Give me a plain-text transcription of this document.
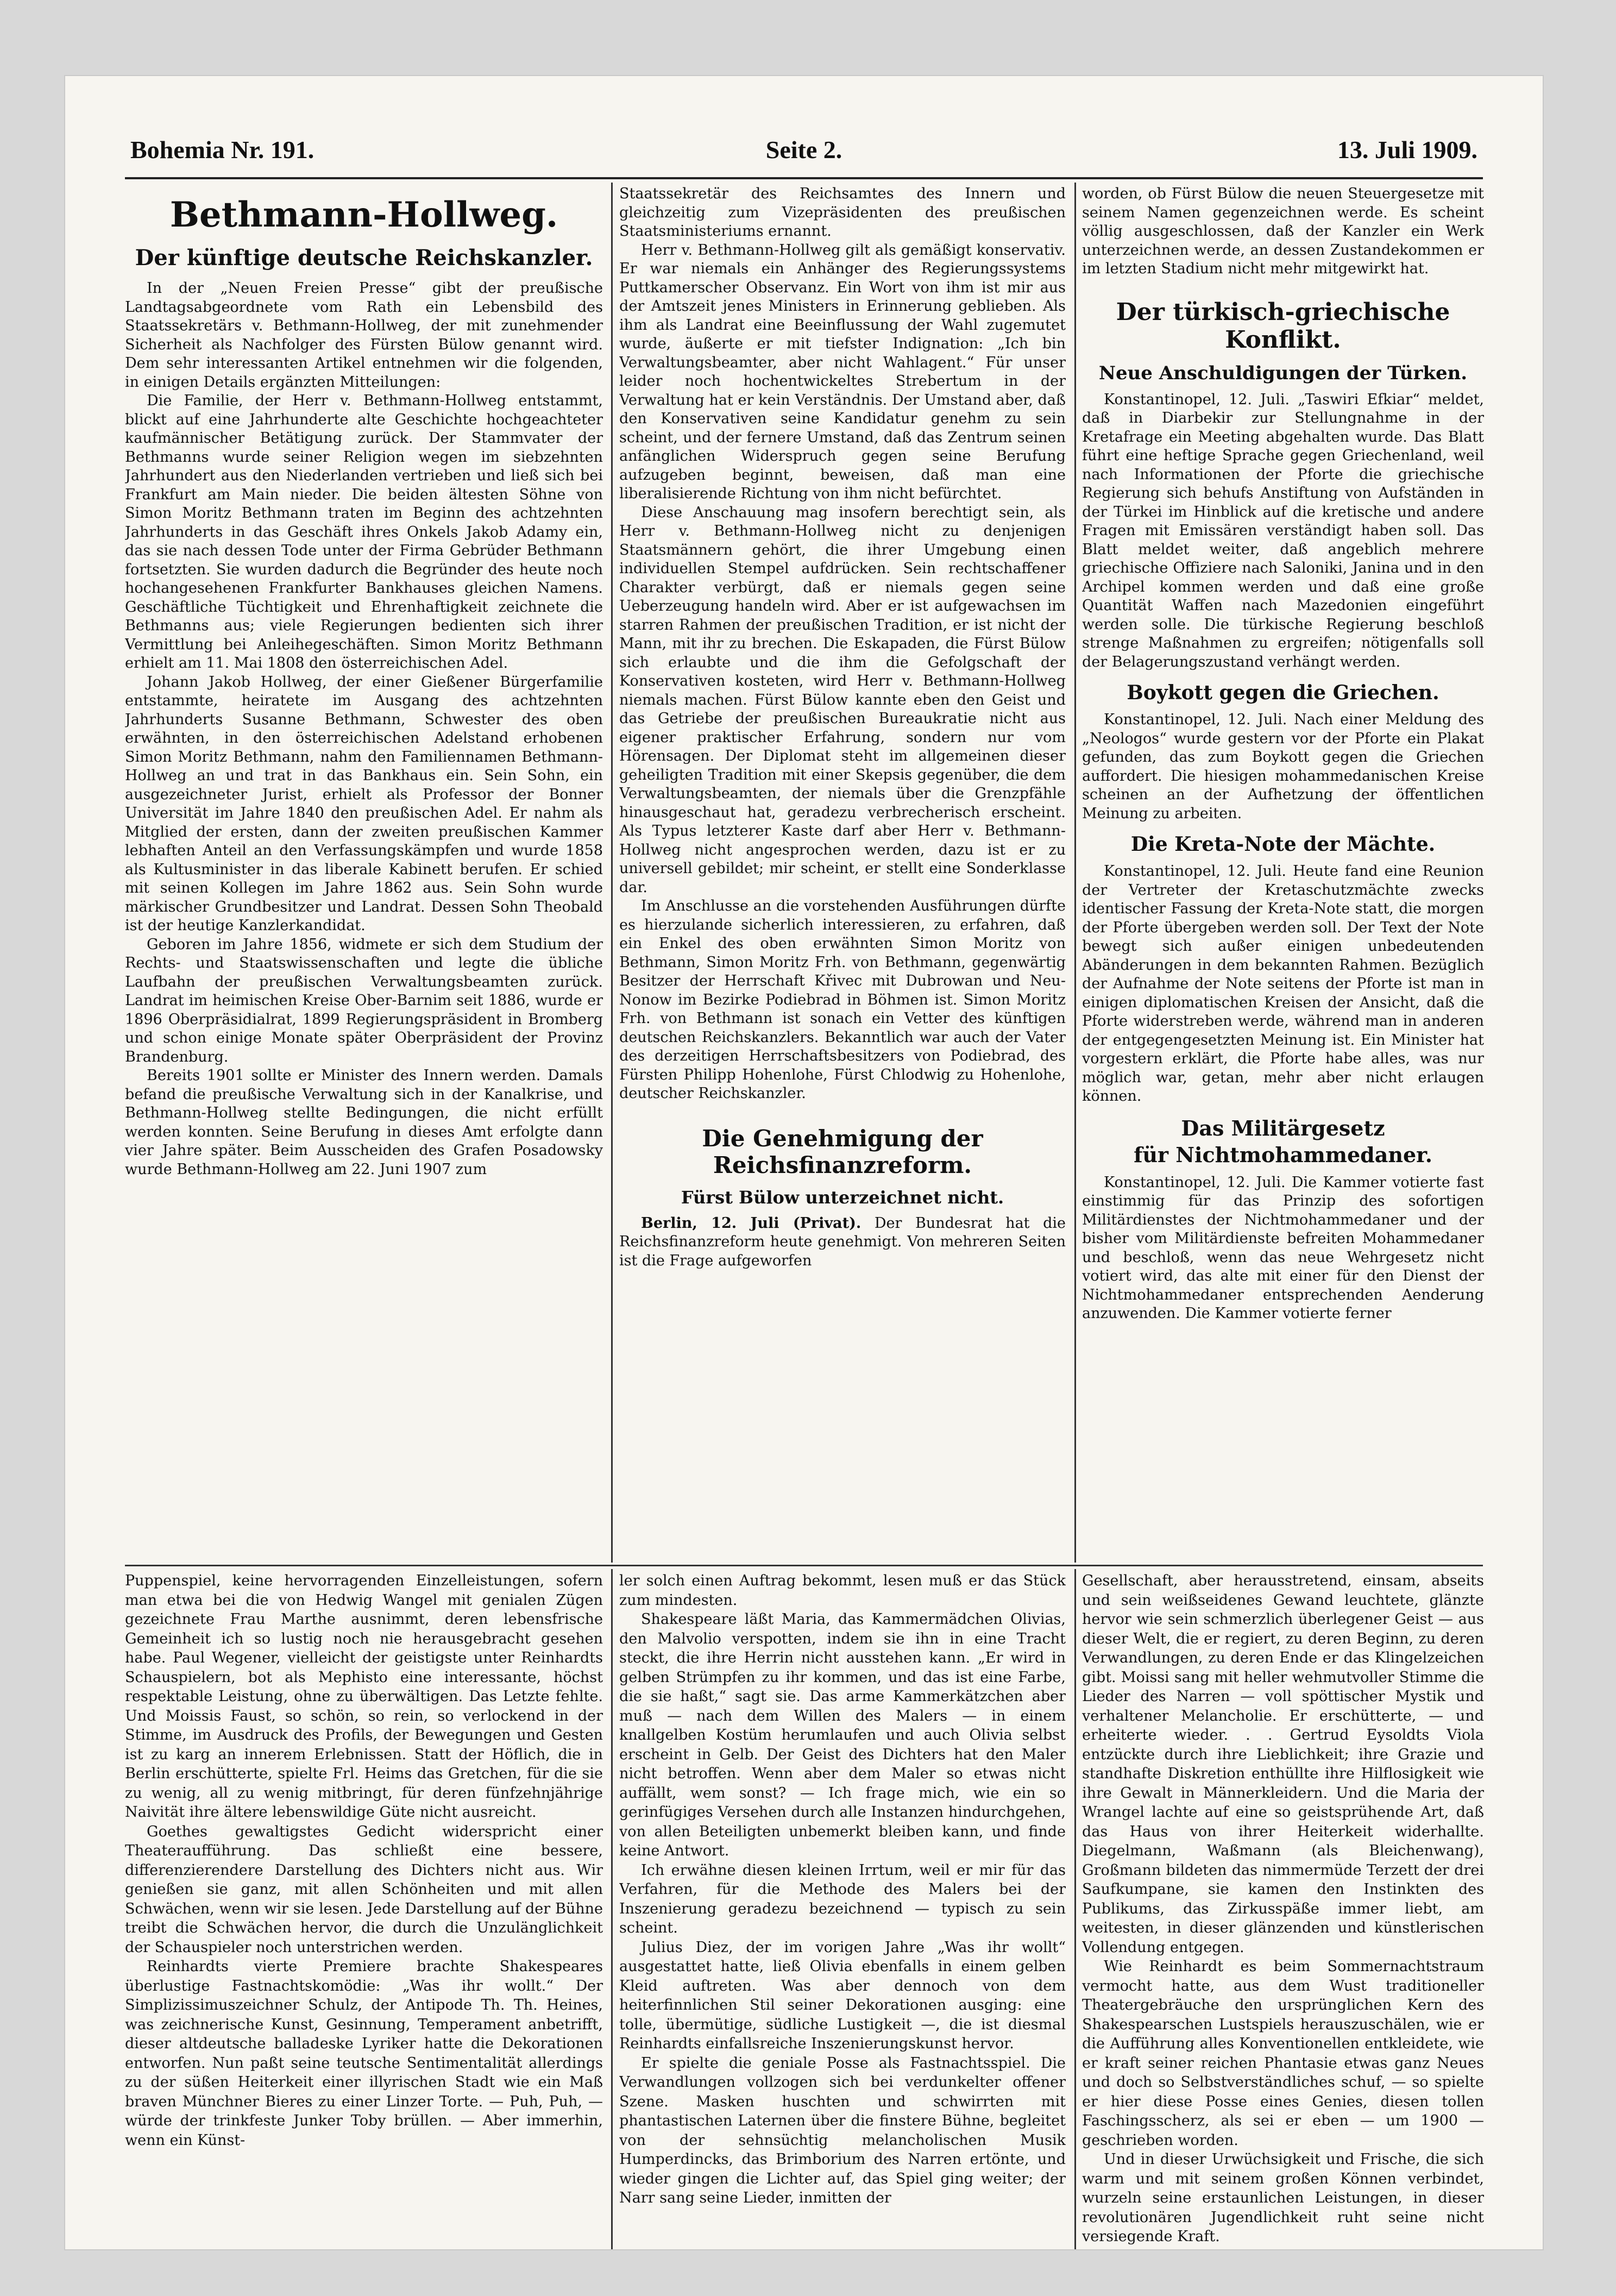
Bohemia Nr. 191.	Seite 2.	13. Juli 1909.
Bethmann-Hollweg.
Der künftige deutsche Reichskanzler.

In der „Neuen Freien Presse“ gibt der preußische Landtagsabgeordnete vom Rath ein Lebensbild des Staatssekretärs v. Bethmann-Hollweg, der mit zunehmender Sicherheit als Nachfolger des Fürsten Bülow genannt wird. Dem sehr interessanten Artikel entnehmen wir die folgenden, in einigen Details ergänzten Mitteilungen:

Die Familie, der Herr v. Bethmann-Hollweg entstammt, blickt auf eine Jahrhunderte alte Geschichte hochgeachteter kaufmännischer Betätigung zurück. Der Stammvater der Bethmanns wurde seiner Religion wegen im siebzehnten Jahrhundert aus den Niederlanden vertrieben und ließ sich bei Frankfurt am Main nieder. Die beiden ältesten Söhne von Simon Moritz Bethmann traten im Beginn des achtzehnten Jahrhunderts in das Geschäft ihres Onkels Jakob Adamy ein, das sie nach dessen Tode unter der Firma Gebrüder Bethmann fortsetzten. Sie wurden dadurch die Begründer des heute noch hochangesehenen Frankfurter Bankhauses gleichen Namens. Geschäftliche Tüchtigkeit und Ehrenhaftigkeit zeichnete die Bethmanns aus; viele Regierungen bedienten sich ihrer Vermittlung bei Anleihegeschäften. Simon Moritz Bethmann erhielt am 11. Mai 1808 den österreichischen Adel.

Johann Jakob Hollweg, der einer Gießener Bürgerfamilie entstammte, heiratete im Ausgang des achtzehnten Jahrhunderts Susanne Bethmann, Schwester des oben erwähnten, in den österreichischen Adelstand erhobenen Simon Moritz Bethmann, nahm den Familiennamen Bethmann-Hollweg an und trat in das Bankhaus ein. Sein Sohn, ein ausgezeichneter Jurist, erhielt als Professor der Bonner Universität im Jahre 1840 den preußischen Adel. Er nahm als Mitglied der ersten, dann der zweiten preußischen Kammer lebhaften Anteil an den Verfassungskämpfen und wurde 1858 als Kultusminister in das liberale Kabinett berufen. Er schied mit seinen Kollegen im Jahre 1862 aus. Sein Sohn wurde märkischer Grundbesitzer und Landrat. Dessen Sohn Theobald ist der heutige Kanzlerkandidat.

Geboren im Jahre 1856, widmete er sich dem Studium der Rechts- und Staatswissenschaften und legte die übliche Laufbahn der preußischen Verwaltungsbeamten zurück. Landrat im heimischen Kreise Ober-Barnim seit 1886, wurde er 1896 Oberpräsidialrat, 1899 Regierungspräsident in Bromberg und schon einige Monate später Oberpräsident der Provinz Brandenburg.

Bereits 1901 sollte er Minister des Innern werden. Damals befand die preußische Verwaltung sich in der Kanalkrise, und Bethmann-Hollweg stellte Bedingungen, die nicht erfüllt werden konnten. Seine Berufung in dieses Amt erfolgte dann vier Jahre später. Beim Ausscheiden des Grafen Posadowsky wurde Bethmann-Hollweg am 22. Juni 1907 zum

Staatssekretär des Reichsamtes des Innern und gleichzeitig zum Vizepräsidenten des preußischen Staatsministeriums ernannt.

Herr v. Bethmann-Hollweg gilt als gemäßigt konservativ. Er war niemals ein Anhänger des Regierungssystems Puttkamerscher Observanz. Ein Wort von ihm ist mir aus der Amtszeit jenes Ministers in Erinnerung geblieben. Als ihm als Landrat eine Beeinflussung der Wahl zugemutet wurde, äußerte er mit tiefster Indignation: „Ich bin Verwaltungsbeamter, aber nicht Wahlagent.“ Für unser leider noch hochentwickeltes Strebertum in der Verwaltung hat er kein Verständnis. Der Umstand aber, daß den Konservativen seine Kandidatur genehm zu sein scheint, und der fernere Umstand, daß das Zentrum seinen anfänglichen Widerspruch gegen seine Berufung aufzugeben beginnt, beweisen, daß man eine liberalisierende Richtung von ihm nicht befürchtet.

Diese Anschauung mag insofern berechtigt sein, als Herr v. Bethmann-Hollweg nicht zu denjenigen Staatsmännern gehört, die ihrer Umgebung einen individuellen Stempel aufdrücken. Sein rechtschaffener Charakter verbürgt, daß er niemals gegen seine Ueberzeugung handeln wird. Aber er ist aufgewachsen im starren Rahmen der preußischen Tradition, er ist nicht der Mann, mit ihr zu brechen. Die Eskapaden, die Fürst Bülow sich erlaubte und die ihm die Gefolgschaft der Konservativen kosteten, wird Herr v. Bethmann-Hollweg niemals machen. Fürst Bülow kannte eben den Geist und das Getriebe der preußischen Bureaukratie nicht aus eigener praktischer Erfahrung, sondern nur vom Hörensagen. Der Diplomat steht im allgemeinen dieser geheiligten Tradition mit einer Skepsis gegenüber, die dem Verwaltungsbeamten, der niemals über die Grenzpfähle hinausgeschaut hat, geradezu verbrecherisch erscheint. Als Typus letzterer Kaste darf aber Herr v. Bethmann-Hollweg nicht angesprochen werden, dazu ist er zu universell gebildet; mir scheint, er stellt eine Sonderklasse dar.

Im Anschlusse an die vorstehenden Ausführungen dürfte es hierzulande sicherlich interessieren, zu erfahren, daß ein Enkel des oben erwähnten Simon Moritz von Bethmann, Simon Moritz Frh. von Bethmann, gegenwärtig Besitzer der Herrschaft Křivec mit Dubrowan und Neu-Nonow im Bezirke Podiebrad in Böhmen ist. Simon Moritz Frh. von Bethmann ist sonach ein Vetter des künftigen deutschen Reichskanzlers. Bekanntlich war auch der Vater des derzeitigen Herrschaftsbesitzers von Podiebrad, des Fürsten Philipp Hohenlohe, Fürst Chlodwig zu Hohenlohe, deutscher Reichskanzler.

Die Genehmigung der Reichsfinanzreform.
Fürst Bülow unterzeichnet nicht.

Berlin, 12. Juli (Privat). Der Bundesrat hat die Reichsfinanzreform heute genehmigt. Von mehreren Seiten ist die Frage aufgeworfen

worden, ob Fürst Bülow die neuen Steuergesetze mit seinem Namen gegenzeichnen werde. Es scheint völlig ausgeschlossen, daß der Kanzler ein Werk unterzeichnen werde, an dessen Zustandekommen er im letzten Stadium nicht mehr mitgewirkt hat.

Der türkisch-griechische Konflikt.
Neue Anschuldigungen der Türken.

Konstantinopel, 12. Juli. „Taswiri Efkiar“ meldet, daß in Diarbekir zur Stellungnahme in der Kretafrage ein Meeting abgehalten wurde. Das Blatt führt eine heftige Sprache gegen Griechenland, weil nach Informationen der Pforte die griechische Regierung sich behufs Anstiftung von Aufständen in der Türkei im Hinblick auf die kretische und andere Fragen mit Emissären verständigt haben soll. Das Blatt meldet weiter, daß angeblich mehrere griechische Offiziere nach Saloniki, Janina und in den Archipel kommen werden und daß eine große Quantität Waffen nach Mazedonien eingeführt werden solle. Die türkische Regierung beschloß strenge Maßnahmen zu ergreifen; nötigenfalls soll der Belagerungszustand verhängt werden.

Boykott gegen die Griechen.

Konstantinopel, 12. Juli. Nach einer Meldung des „Neologos“ wurde gestern vor der Pforte ein Plakat gefunden, das zum Boykott gegen die Griechen auffordert. Die hiesigen mohammedanischen Kreise scheinen an der Aufhetzung der öffentlichen Meinung zu arbeiten.

Die Kreta-Note der Mächte.

Konstantinopel, 12. Juli. Heute fand eine Reunion der Vertreter der Kretaschutzmächte zwecks identischer Fassung der Kreta-Note statt, die morgen der Pforte übergeben werden soll. Der Text der Note bewegt sich außer einigen unbedeutenden Abänderungen in dem bekannten Rahmen. Bezüglich der Aufnahme der Note seitens der Pforte ist man in einigen diplomatischen Kreisen der Ansicht, daß die Pforte widerstreben werde, während man in anderen der entgegengesetzten Meinung ist. Ein Minister hat vorgestern erklärt, die Pforte habe alles, was nur möglich war, getan, mehr aber nicht erlaugen können.

Das Militärgesetz
für Nichtmohammedaner.

Konstantinopel, 12. Juli. Die Kammer votierte fast einstimmig für das Prinzip des sofortigen Militärdienstes der Nichtmohammedaner und der bisher vom Militärdienste befreiten Mohammedaner und beschloß, wenn das neue Wehrgesetz nicht votiert wird, das alte mit einer für den Dienst der Nichtmohammedaner entsprechenden Aenderung anzuwenden. Die Kammer votierte ferner

Puppenspiel, keine hervorragenden Einzelleistungen, sofern man etwa bei die von Hedwig Wangel mit genialen Zügen gezeichnete Frau Marthe ausnimmt, deren lebensfrische Gemeinheit ich so lustig noch nie herausgebracht gesehen habe. Paul Wegener, vielleicht der geistigste unter Reinhardts Schauspielern, bot als Mephisto eine interessante, höchst respektable Leistung, ohne zu überwältigen. Das Letzte fehlte. Und Moissis Faust, so schön, so rein, so verlockend in der Stimme, im Ausdruck des Profils, der Bewegungen und Gesten ist zu karg an innerem Erlebnissen. Statt der Höflich, die in Berlin erschütterte, spielte Frl. Heims das Gretchen, für die sie zu wenig, all zu wenig mitbringt, für deren fünfzehnjährige Naivität ihre ältere lebenswildige Güte nicht ausreicht.

Goethes gewaltigstes Gedicht widerspricht einer Theateraufführung. Das schließt eine bessere, differenzierendere Darstellung des Dichters nicht aus. Wir genießen sie ganz, mit allen Schönheiten und mit allen Schwächen, wenn wir sie lesen. Jede Darstellung auf der Bühne treibt die Schwächen hervor, die durch die Unzulänglichkeit der Schauspieler noch unterstrichen werden.

Reinhardts vierte Premiere brachte Shakespeares überlustige Fastnachtskomödie: „Was ihr wollt.“ Der Simplizissimuszeichner Schulz, der Antipode Th. Th. Heines, was zeichnerische Kunst, Gesinnung, Temperament anbetrifft, dieser altdeutsche balladeske Lyriker hatte die Dekorationen entworfen. Nun paßt seine teutsche Sentimentalität allerdings zu der süßen Heiterkeit einer illyrischen Stadt wie ein Maß braven Münchner Bieres zu einer Linzer Torte. — Puh, Puh, — würde der trinkfeste Junker Toby brüllen. — Aber immerhin, wenn ein Künst-

ler solch einen Auftrag bekommt, lesen muß er das Stück zum mindesten.

Shakespeare läßt Maria, das Kammermädchen Olivias, den Malvolio verspotten, indem sie ihn in eine Tracht steckt, die ihre Herrin nicht ausstehen kann. „Er wird in gelben Strümpfen zu ihr kommen, und das ist eine Farbe, die sie haßt,“ sagt sie. Das arme Kammerkätzchen aber muß — nach dem Willen des Malers — in einem knallgelben Kostüm herumlaufen und auch Olivia selbst erscheint in Gelb. Der Geist des Dichters hat den Maler nicht betroffen. Wenn aber dem Maler so etwas nicht auffällt, wem sonst? — Ich frage mich, wie ein so gerinfügiges Versehen durch alle Instanzen hindurchgehen, von allen Beteiligten unbemerkt bleiben kann, und finde keine Antwort.

Ich erwähne diesen kleinen Irrtum, weil er mir für das Verfahren, für die Methode des Malers bei der Inszenierung geradezu bezeichnend — typisch zu sein scheint.

Julius Diez, der im vorigen Jahre „Was ihr wollt“ ausgestattet hatte, ließ Olivia ebenfalls in einem gelben Kleid auftreten. Was aber dennoch von dem heiterfinnlichen Stil seiner Dekorationen ausging: eine tolle, übermütige, südliche Lustigkeit —, die ist diesmal Reinhardts einfallsreiche Inszenierungskunst hervor.

Er spielte die geniale Posse als Fastnachtsspiel. Die Verwandlungen vollzogen sich bei verdunkelter offener Szene. Masken huschten und schwirrten mit phantastischen Laternen über die finstere Bühne, begleitet von der sehnsüchtig melancholischen Musik Humperdincks, das Brimborium des Narren ertönte, und wieder gingen die Lichter auf, das Spiel ging weiter; der Narr sang seine Lieder, inmitten der

Gesellschaft, aber herausstretend, einsam, abseits und sein weißseidenes Gewand leuchtete, glänzte hervor wie sein schmerzlich überlegener Geist — aus dieser Welt, die er regiert, zu deren Beginn, zu deren Verwandlungen, zu deren Ende er das Klingelzeichen gibt. Moissi sang mit heller wehmutvoller Stimme die Lieder des Narren — voll spöttischer Mystik und verhaltener Melancholie. Er erschütterte, — und erheiterte wieder. . . Gertrud Eysoldts Viola entzückte durch ihre Lieblichkeit; ihre Grazie und standhafte Diskretion enthüllte ihre Hilflosigkeit wie ihre Gewalt in Männerkleidern. Und die Maria der Wrangel lachte auf eine so geistsprühende Art, daß das Haus von ihrer Heiterkeit widerhallte. Diegelmann, Waßmann (als Bleichenwang), Großmann bildeten das nimmermüde Terzett der drei Saufkumpane, sie kamen den Instinkten des Publikums, das Zirkusspäße immer liebt, am weitesten, in dieser glänzenden und künstlerischen Vollendung entgegen.

Wie Reinhardt es beim Sommernachtstraum vermocht hatte, aus dem Wust traditioneller Theatergebräuche den ursprünglichen Kern des Shakespearschen Lustspiels herauszuschälen, wie er die Aufführung alles Konventionellen entkleidete, wie er kraft seiner reichen Phantasie etwas ganz Neues und doch so Selbstverständliches schuf, — so spielte er hier diese Posse eines Genies, diesen tollen Faschingsscherz, als sei er eben — um 1900 — geschrieben worden.

Und in dieser Urwüchsigkeit und Frische, die sich warm und mit seinem großen Können verbindet, wurzeln seine erstaunlichen Leistungen, in dieser revolutionären Jugendlichkeit ruht seine nicht versiegende Kraft.
